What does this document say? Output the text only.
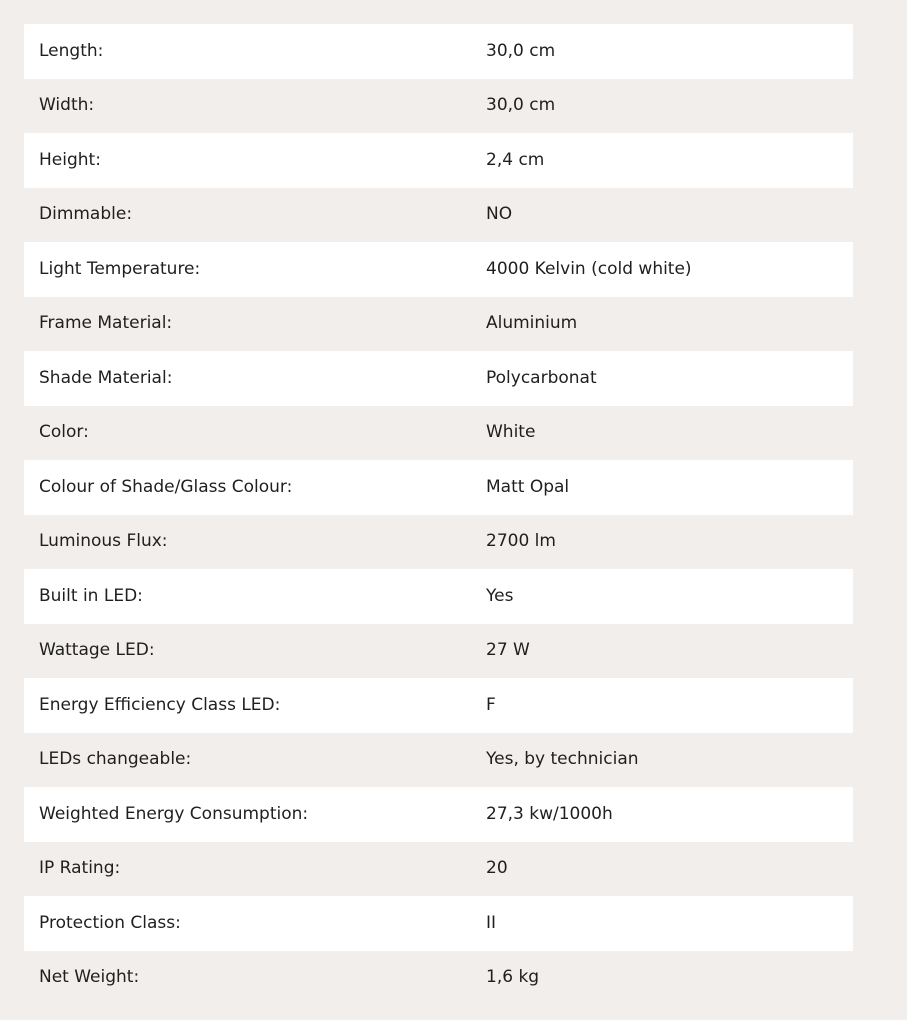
Length:	30,0 cm
Width:	30,0 cm
Height:	2,4 cm
Dimmable:	NO
Light Temperature:	4000 Kelvin (cold white)
Frame Material:	Aluminium
Shade Material:	Polycarbonat
Color:	White
Colour of Shade/Glass Colour:	Matt Opal
Luminous Flux:	2700 lm
Built in LED:	Yes
Wattage LED:	27 W
Energy Efficiency Class LED:	F
LEDs changeable:	Yes, by technician
Weighted Energy Consumption:	27,3 kw/1000h
IP Rating:	20
Protection Class:	II
Net Weight:	1,6 kg
